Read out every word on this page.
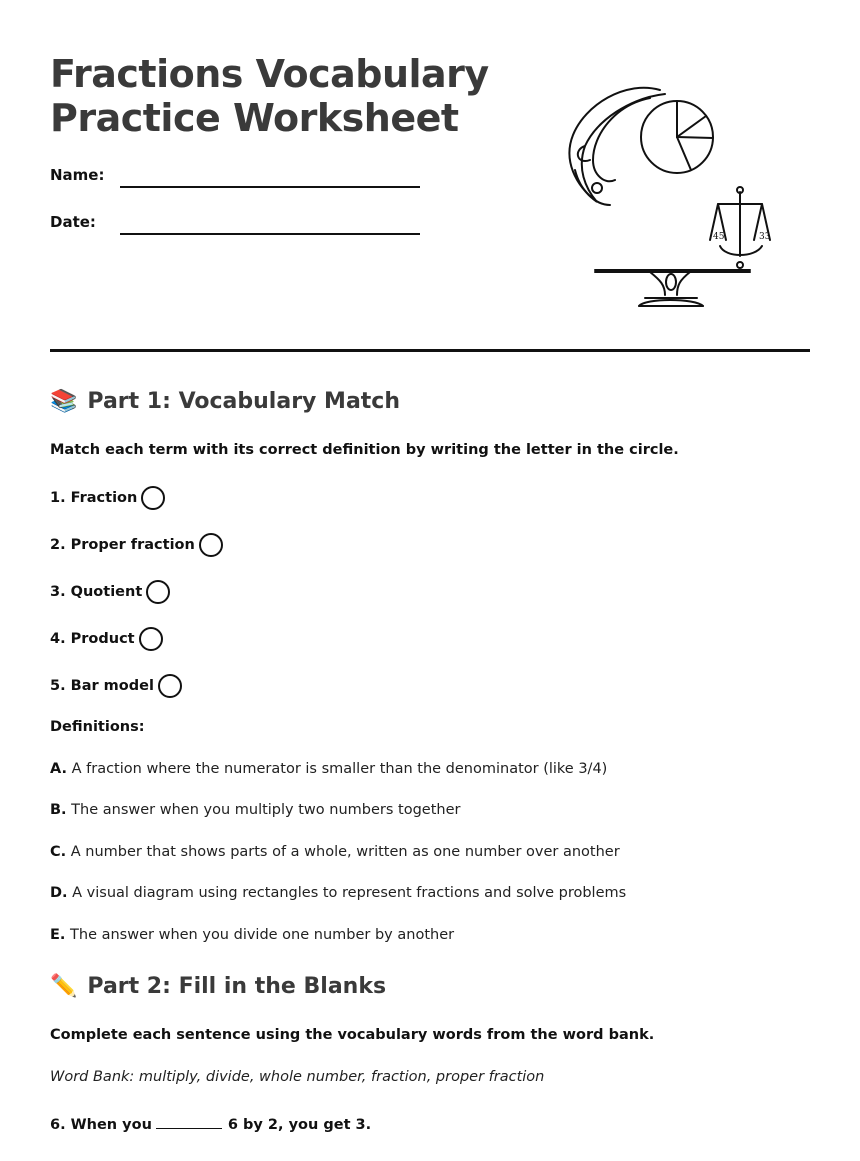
Fractions Vocabulary
Practice Worksheet
Name:
Date:
45	33
📚 Part 1: Vocabulary Match
Match each term with its correct definition by writing the letter in the circle.
1. Fraction
2. Proper fraction
3. Quotient
4. Product
5. Bar model
Definitions:
A. A fraction where the numerator is smaller than the denominator (like 3/4)
B. The answer when you multiply two numbers together
C. A number that shows parts of a whole, written as one number over another
D. A visual diagram using rectangles to represent fractions and solve problems
E. The answer when you divide one number by another
✏️ Part 2: Fill in the Blanks
Complete each sentence using the vocabulary words from the word bank.
Word Bank: multiply, divide, whole number, fraction, proper fraction
6. When you	6 by 2, you get 3.
